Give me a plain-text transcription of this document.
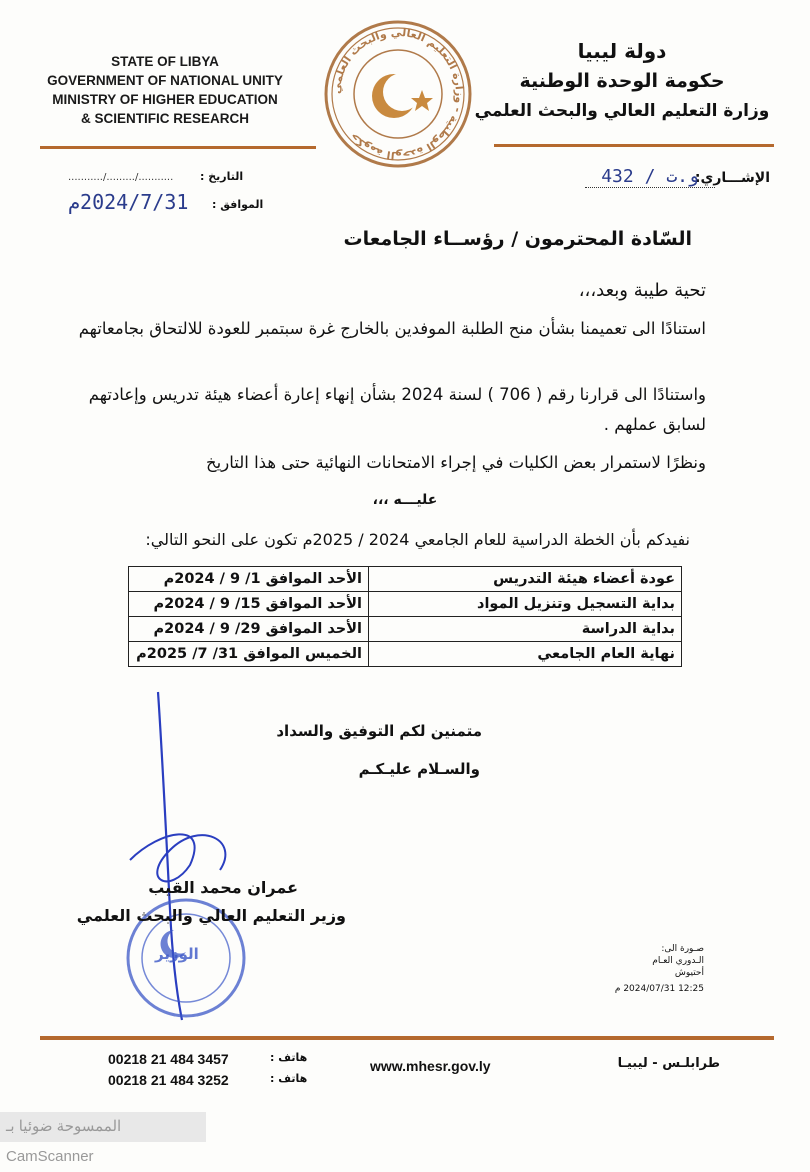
STATE OF LIBYA
GOVERNMENT OF NATIONAL UNITY
MINISTRY OF HIGHER EDUCATION
& SCIENTIFIC RESEARCH
حكومة الوحدة الوطنية - وزارة التعليم العالي والبحث العلمي
دولة ليبيا
حكومة الوحدة الوطنية
وزارة التعليم العالي والبحث العلمي
الإشـــاري:
432 / و.ت
التاريخ :
.........../........./...........
الموافق :
2024/7/31م
السّادة المحترمون / رؤســاء الجامعات
تحية طيبة وبعد،،،
استنادًا الى تعميمنا بشأن منح الطلبة الموفدين بالخارج غرة سبتمبر للعودة للالتحاق بجامعاتهم
واستنادًا الى قرارنا رقم ( 706 ) لسنة 2024 بشأن إنهاء إعارة أعضاء هيئة تدريس وإعادتهم لسابق عملهم .
ونظرًا لاستمرار بعض الكليات في إجراء الامتحانات النهائية حتى هذا التاريخ
عليـــه ،،،
نفيدكم بأن الخطة الدراسية للعام الجامعي 2024 / 2025م تكون على النحو التالي:
عودة أعضاء هيئة التدريس	الأحد الموافق 1/ 9 / 2024م
بداية التسجيل وتنزيل المواد	الأحد الموافق 15/ 9 / 2024م
بداية الدراسة	الأحد الموافق 29/ 9 / 2024م
نهاية العام الجامعي	الخميس الموافق 31/ 7/ 2025م
متمنين لكم التوفيق والسداد
والسـلام عليـكـم
الوزير
عمران محمد القيب
وزير التعليم العالي والبحث العلمي
صـورة الى:
الـدوري العـام
أحتيوش
12:25 2024/07/31 م
00218 21 484 3457
00218 21 484 3252
هاتف :
هاتف :
www.mhesr.gov.ly	طرابلـس - ليبيـا
الممسوحة ضوئيا بـ CamScanner
